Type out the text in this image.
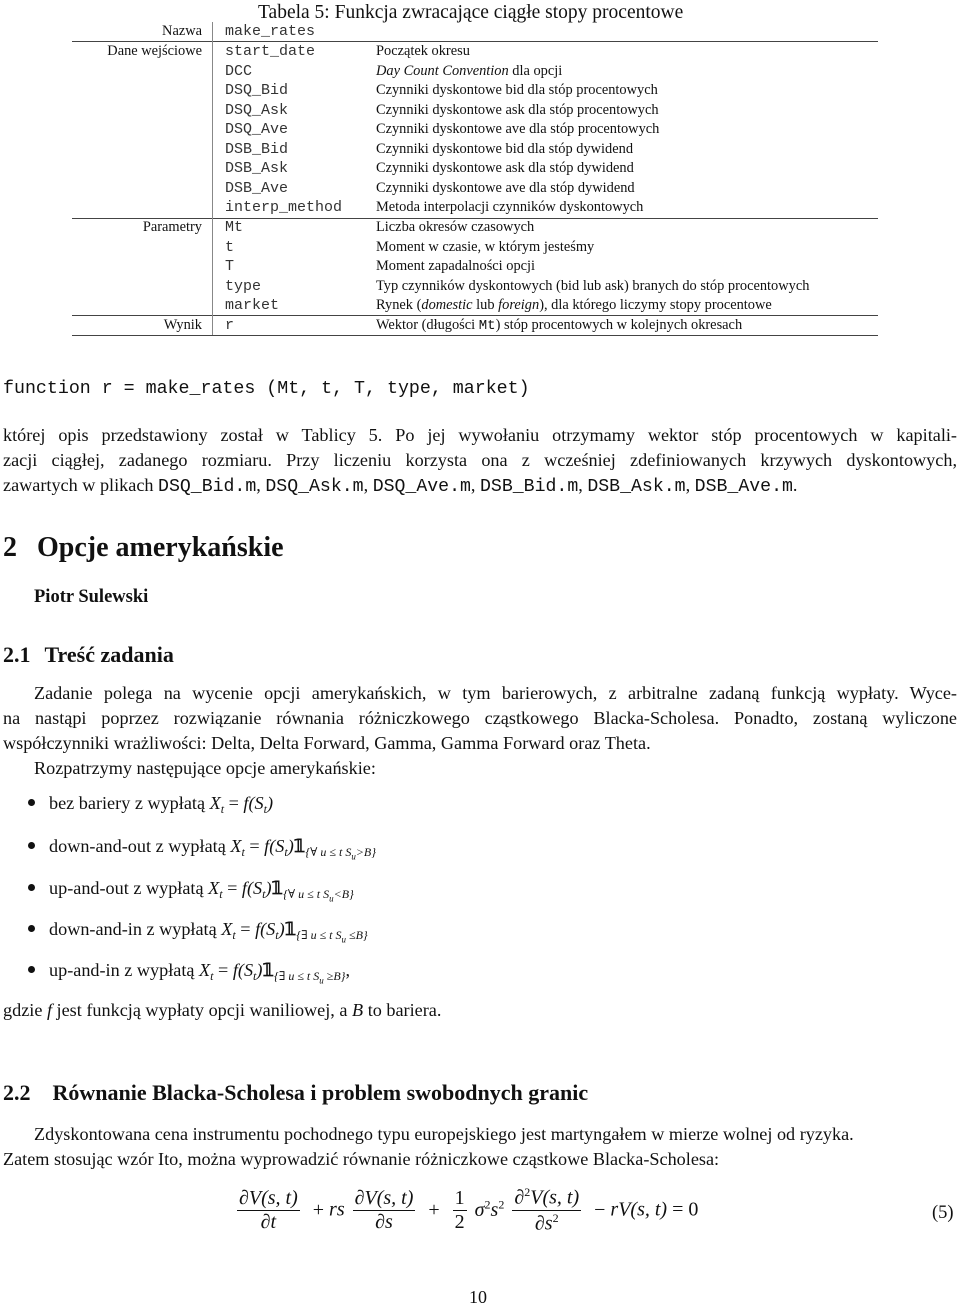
Tabela 5: Funkcja zwracające ciągłe stopy procentowe
Nazwa make_rates
Dane wejściowe start_date	Początek okresu
DCC	Day Count Convention dla opcji
DSQ_Bid	Czynniki dyskontowe bid dla stóp procentowych
DSQ_Ask	Czynniki dyskontowe ask dla stóp procentowych
DSQ_Ave	Czynniki dyskontowe ave dla stóp procentowych
DSB_Bid	Czynniki dyskontowe bid dla stóp dywidend
DSB_Ask	Czynniki dyskontowe ask dla stóp dywidend
DSB_Ave	Czynniki dyskontowe ave dla stóp dywidend
interp_method Metoda interpolacji czynników dyskontowych
Parametry Mt	Liczba okresów czasowych
t	Moment w czasie, w którym jesteśmy
T	Moment zapadalności opcji
type	Typ czynników dyskontowych (bid lub ask) branych do stóp procentowych
market	Rynek (domestic lub foreign), dla którego liczymy stopy procentowe
Wynik r	Wektor (długości Mt) stóp procentowych w kolejnych okresach
function r = make_rates (Mt, t, T, type, market)
której opis przedstawiony został w Tablicy 5. Po jej wywołaniu otrzymamy wektor stóp procentowych w kapitali-
zacji ciągłej, zadanego rozmiaru. Przy liczeniu korzysta ona z wcześniej zdefiniowanych krzywych dyskontowych,
zawartych w plikach DSQ_Bid.m, DSQ_Ask.m, DSQ_Ave.m, DSB_Bid.m, DSB_Ask.m, DSB_Ave.m.
2 Opcje amerykańskie
Piotr Sulewski
2.1 Treść zadania
Zadanie polega na wycenie opcji amerykańskich, w tym barierowych, z arbitralne zadaną funkcją wypłaty. Wyce-
na nastąpi poprzez rozwiązanie równania różniczkowego cząstkowego Blacka-Scholesa. Ponadto, zostaną wyliczone
współczynniki wrażliwości: Delta, Delta Forward, Gamma, Gamma Forward oraz Theta.
Rozpatrzymy następujące opcje amerykańskie:
bez bariery z wypłatą $X_t = f(S_t)$
down-and-out z wypłatą $X_t$ = $f(S_t)𝟙_{\{\forall u \le t S_u>B\}}$
up-and-out z wypłatą $X_t$ = $f(S_t)𝟙_{\{\forall u \le t S_u<B\}}$
down-and-in z wypłatą $X_t$ = $f(S_t)𝟙_{\{\exists u \le t S_u \le B\}}$
up-and-in z wypłatą $X_t$ = $f(S_t)𝟙_{\{\exists u \le t S_u \ge B\}}$,
gdzie f jest funkcją wypłaty opcji waniliowej, a B to bariera.
2.2 Równanie Blacka-Scholesa i problem swobodnych granic
Zdyskontowana cena instrumentu pochodnego typu europejskiego jest martyngałem w mierze wolnej od ryzyka.
Zatem stosując wzór Ito, można wyprowadzić równanie różniczkowe cząstkowe Blacka-Scholesa:
$\frac{\partial V(s, t)}{\partial t}$ + rs $\frac{\partial V(s, t)}{\partial s} + \frac{1}{2} \sigma^2s^2 \frac{\partial^2V(s, t)}{\partial s^2} - rV(s$, t) = 0	(5)
10
